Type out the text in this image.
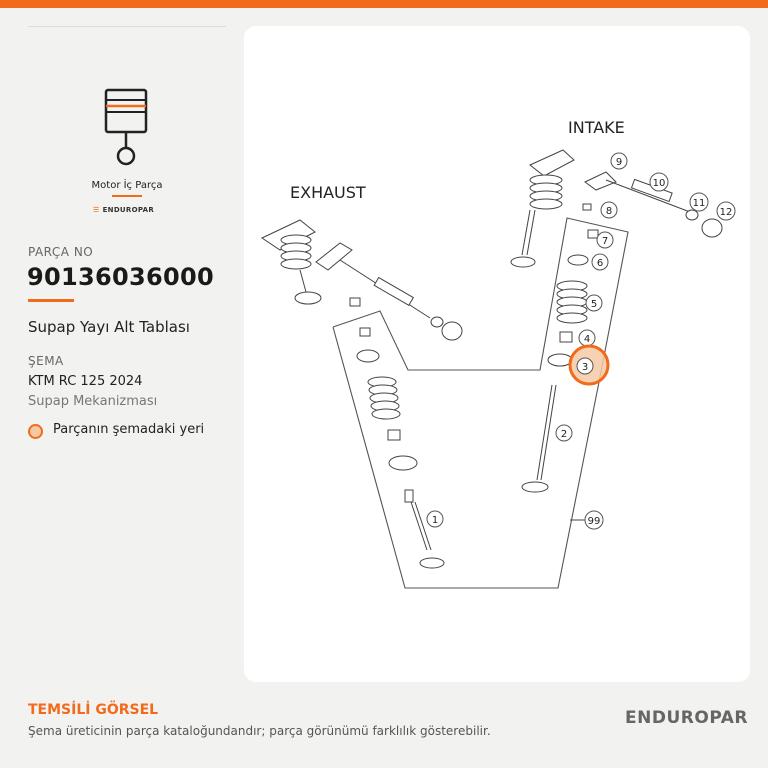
Motor İç Parça
☰ ENDUROPAR
PARÇA NO
90136036000
Supap Yayı Alt Tablası
ŞEMA
KTM RC 125 2024
Supap Mekanizması
Parçanın şemadaki yeri
EXHAUST
INTAKE
1
2
4
5
6
7
8
9
10
11
12
99
3
TEMSİLİ GÖRSEL
Şema üreticinin parça kataloğundandır; parça görünümü farklılık gösterebilir.
ENDUROPAR
